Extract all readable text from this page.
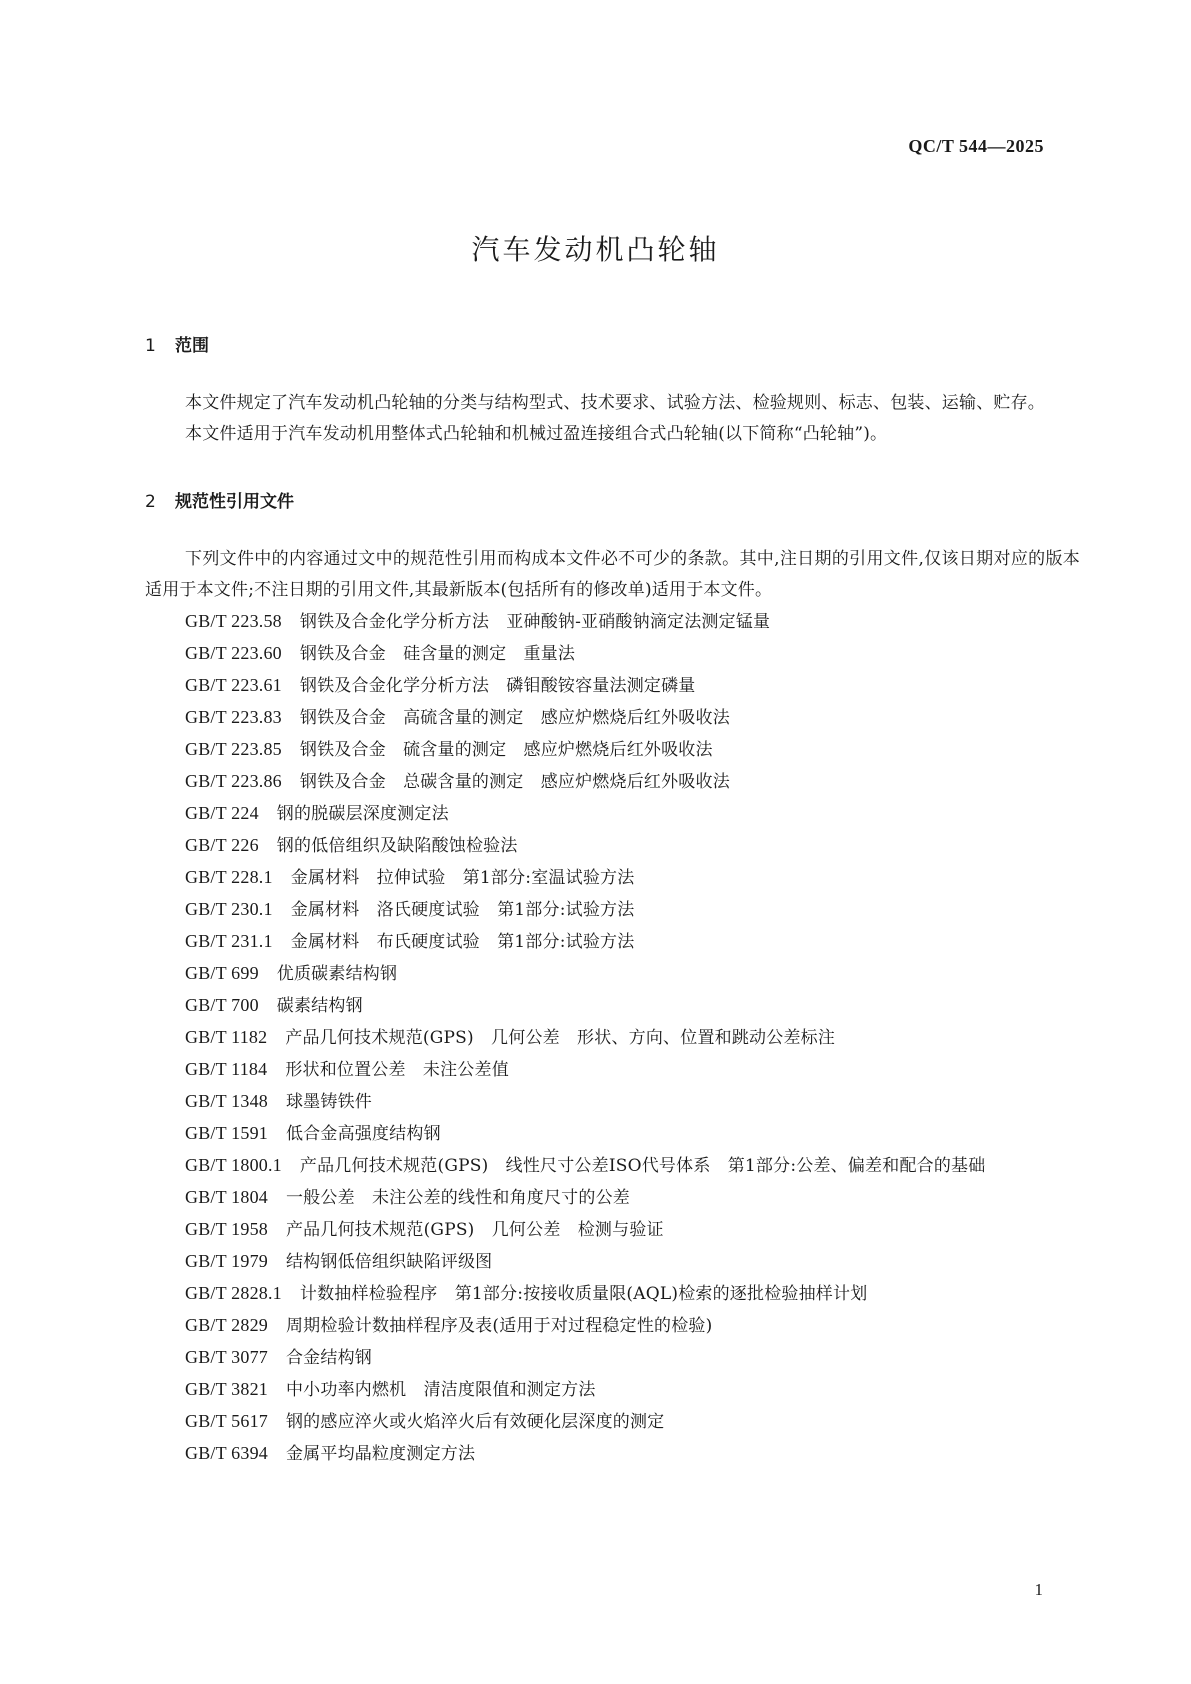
QC/T 544—2025

汽车发动机凸轮轴
1 范围

本文件规定了汽车发动机凸轮轴的分类与结构型式、技术要求、试验方法、检验规则、标志、包装、运输、贮存。

本文件适用于汽车发动机用整体式凸轮轴和机械过盈连接组合式凸轮轴(以下简称“凸轮轴”)。

2 规范性引用文件

下列文件中的内容通过文中的规范性引用而构成本文件必不可少的条款。其中,注日期的引用文件,仅该日期对应的版本适用于本文件;不注日期的引用文件,其最新版本(包括所有的修改单)适用于本文件。

GB/T 223.58 钢铁及合金化学分析方法　亚砷酸钠-亚硝酸钠滴定法测定锰量
GB/T 223.60 钢铁及合金　硅含量的测定　重量法
GB/T 223.61 钢铁及合金化学分析方法　磷钼酸铵容量法测定磷量
GB/T 223.83 钢铁及合金　高硫含量的测定　感应炉燃烧后红外吸收法
GB/T 223.85 钢铁及合金　硫含量的测定　感应炉燃烧后红外吸收法
GB/T 223.86 钢铁及合金　总碳含量的测定　感应炉燃烧后红外吸收法
GB/T 224 钢的脱碳层深度测定法
GB/T 226 钢的低倍组织及缺陷酸蚀检验法
GB/T 228.1 金属材料　拉伸试验　第1部分:室温试验方法
GB/T 230.1 金属材料　洛氏硬度试验　第1部分:试验方法
GB/T 231.1 金属材料　布氏硬度试验　第1部分:试验方法
GB/T 699 优质碳素结构钢
GB/T 700 碳素结构钢
GB/T 1182 产品几何技术规范(GPS)　几何公差　形状、方向、位置和跳动公差标注
GB/T 1184 形状和位置公差　未注公差值
GB/T 1348 球墨铸铁件
GB/T 1591 低合金高强度结构钢
GB/T 1800.1 产品几何技术规范(GPS)　线性尺寸公差ISO代号体系　第1部分:公差、偏差和配合的基础
GB/T 1804 一般公差　未注公差的线性和角度尺寸的公差
GB/T 1958 产品几何技术规范(GPS)　几何公差　检测与验证
GB/T 1979 结构钢低倍组织缺陷评级图
GB/T 2828.1 计数抽样检验程序　第1部分:按接收质量限(AQL)检索的逐批检验抽样计划
GB/T 2829 周期检验计数抽样程序及表(适用于对过程稳定性的检验)
GB/T 3077 合金结构钢
GB/T 3821 中小功率内燃机　清洁度限值和测定方法
GB/T 5617 钢的感应淬火或火焰淬火后有效硬化层深度的测定
GB/T 6394 金属平均晶粒度测定方法

1
